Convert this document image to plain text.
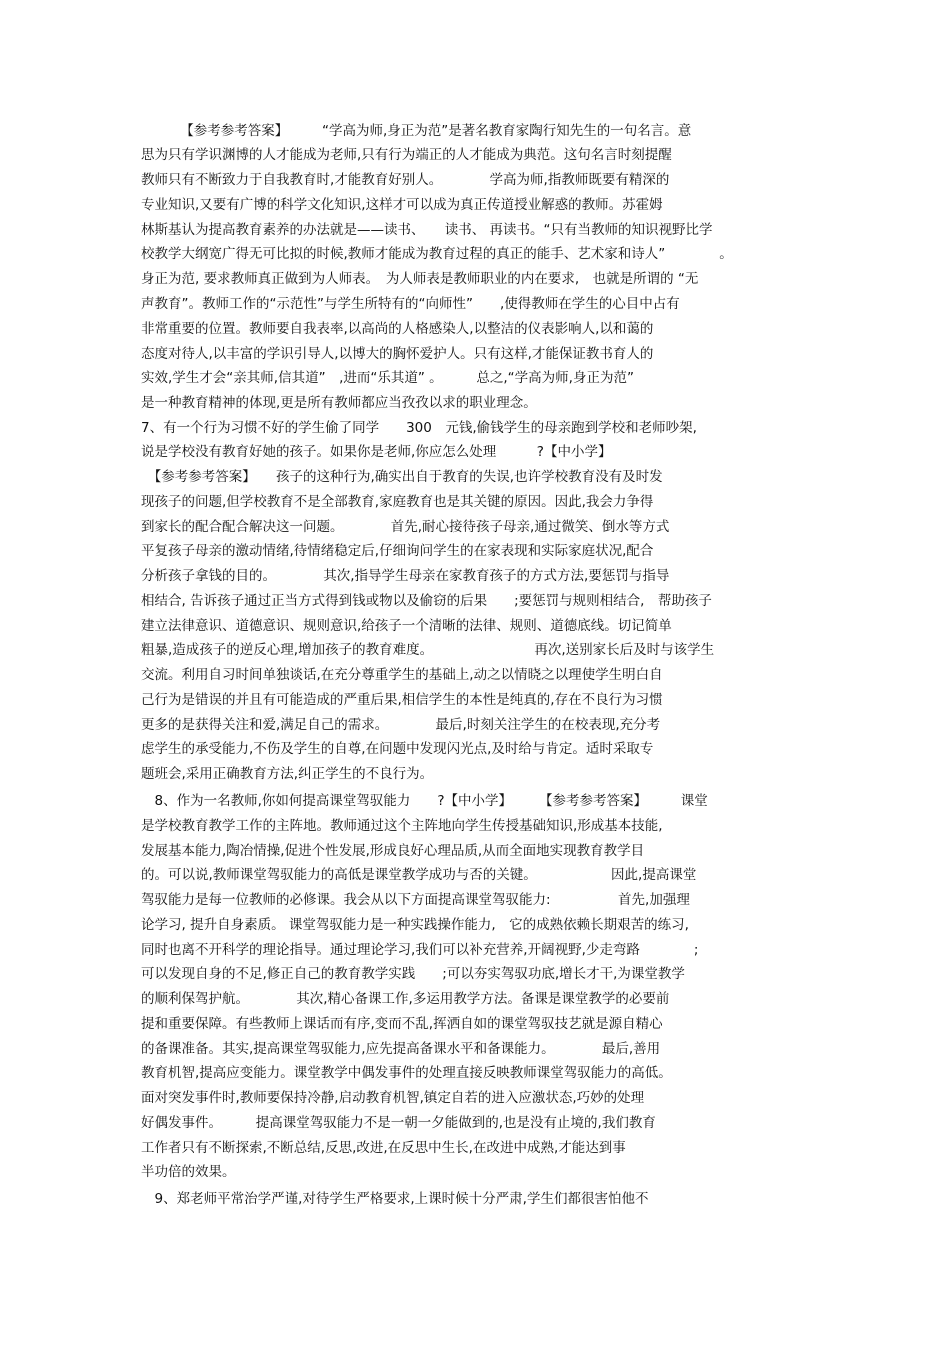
　　【参考参考答案】　　　“学高为师,身正为范”是著名教育家陶行知先生的一句名言。意
思为只有学识渊博的人才能成为老师,只有行为端正的人才能成为典范。这句名言时刻提醒
教师只有不断致力于自我教育时,才能教育好别人。　　　　学高为师,指教师既要有精深的
专业知识,又要有广博的科学文化知识,这样才可以成为真正传道授业解惑的教师。苏霍姆
林斯基认为提高教育素养的办法就是——读书、　　读书、 再读书。“只有当教师的知识视野比学
校教学大纲宽广得无可比拟的时候,教师才能成为教育过程的真正的能手、艺术家和诗人”　　　　。
身正为范, 要求教师真正做到为人师表。　为人师表是教师职业的内在要求,　也就是所谓的 “无
声教育”。教师工作的“示范性”与学生所特有的“向师性”　　,使得教师在学生的心目中占有
非常重要的位置。教师要自我表率,以高尚的人格感染人,以整洁的仪表影响人,以和蔼的
态度对待人,以丰富的学识引导人,以博大的胸怀爱护人。只有这样,才能保证教书育人的
实效,学生才会“亲其师,信其道”　,进而“乐其道” 。　　　总之,“学高为师,身正为范”
是一种教育精神的体现,更是所有教师都应当孜孜以求的职业理念。
7、有一个行为习惯不好的学生偷了同学　　300　元钱,偷钱学生的母亲跑到学校和老师吵架,
说是学校没有教育好她的孩子。如果你是老师,你应怎么处理　　　?【中小学】
　【参考参考答案】　　孩子的这种行为,确实出自于教育的失误,也许学校教育没有及时发
现孩子的问题,但学校教育不是全部教育,家庭教育也是其关键的原因。因此,我会力争得
到家长的配合配合解决这一问题。　　　　首先,耐心接待孩子母亲,通过微笑、倒水等方式
平复孩子母亲的激动情绪,待情绪稳定后,仔细询问学生的在家表现和实际家庭状况,配合
分析孩子拿钱的目的。　　　　其次,指导学生母亲在家教育孩子的方式方法,要惩罚与指导
相结合, 告诉孩子通过正当方式得到钱或物以及偷窃的后果　　;要惩罚与规则相结合,　帮助孩子
建立法律意识、道德意识、规则意识,给孩子一个清晰的法律、规则、道德底线。切记简单
粗暴,造成孩子的逆反心理,增加孩子的教育难度。　　　　　　　　再次,送别家长后及时与该学生
交流。利用自习时间单独谈话,在充分尊重学生的基础上,动之以情晓之以理使学生明白自
己行为是错误的并且有可能造成的严重后果,相信学生的本性是纯真的,存在不良行为习惯
更多的是获得关注和爱,满足自己的需求。　　　　最后,时刻关注学生的在校表现,充分考
虑学生的承受能力,不伤及学生的自尊,在问题中发现闪光点,及时给与肯定。适时采取专
题班会,采用正确教育方法,纠正学生的不良行为。
　8、作为一名教师,你如何提高课堂驾驭能力　　?【中小学】　　　【参考参考答案】　　　课堂
是学校教育教学工作的主阵地。教师通过这个主阵地向学生传授基础知识,形成基本技能,
发展基本能力,陶冶情操,促进个性发展,形成良好心理品质,从而全面地实现教育教学目
的。可以说,教师课堂驾驭能力的高低是课堂教学成功与否的关键。　　　　　　因此,提高课堂
驾驭能力是每一位教师的必修课。我会从以下方面提高课堂驾驭能力:　　　　　首先,加强理
论学习, 提升自身素质。 课堂驾驭能力是一种实践操作能力,　它的成熟依赖长期艰苦的练习,
同时也离不开科学的理论指导。通过理论学习,我们可以补充营养,开阔视野,少走弯路　　　　;
可以发现自身的不足,修正自己的教育教学实践　　;可以夯实驾驭功底,增长才干,为课堂教学
的顺利保驾护航。　　　　其次,精心备课工作,多运用教学方法。备课是课堂教学的必要前
提和重要保障。有些教师上课话而有序,变而不乱,挥洒自如的课堂驾驭技艺就是源自精心
的备课准备。其实,提高课堂驾驭能力,应先提高备课水平和备课能力。　　　　最后,善用
教育机智,提高应变能力。课堂教学中偶发事件的处理直接反映教师课堂驾驭能力的高低。
面对突发事件时,教师要保持冷静,启动教育机智,镇定自若的进入应激状态,巧妙的处理
好偶发事件。　　　提高课堂驾驭能力不是一朝一夕能做到的,也是没有止境的,我们教育
工作者只有不断探索,不断总结,反思,改进,在反思中生长,在改进中成熟,才能达到事
半功倍的效果。
　9、郑老师平常治学严谨,对待学生严格要求,上课时候十分严肃,学生们都很害怕他不
